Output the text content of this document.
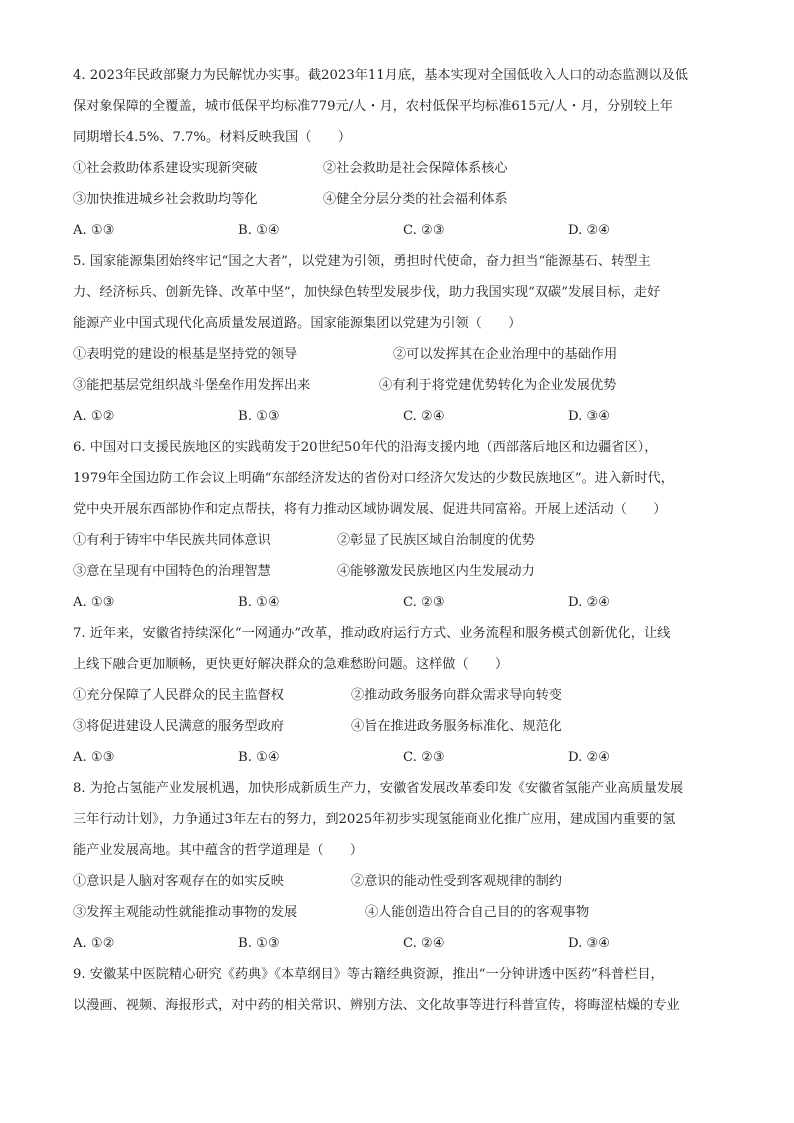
4. 2023年民政部聚力为民解忧办实事。截2023年11月底，基本实现对全国低收入人口的动态监测以及低
保对象保障的全覆盖，城市低保平均标准779元/人・月，农村低保平均标准615元/人・月，分别较上年
同期增长4.5%、7.7%。材料反映我国（　　）
①社会救助体系建设实现新突破	②社会救助是社会保障体系核心
③加快推进城乡社会救助均等化	④健全分层分类的社会福利体系
A. ①③	B. ①④	C. ②③	D. ②④
5. 国家能源集团始终牢记“国之大者”，以党建为引领，勇担时代使命，奋力担当“能源基石、转型主
力、经济标兵、创新先锋、改革中坚”，加快绿色转型发展步伐，助力我国实现“双碳”发展目标，走好
能源产业中国式现代化高质量发展道路。国家能源集团以党建为引领（　　）
①表明党的建设的根基是坚持党的领导	②可以发挥其在企业治理中的基础作用
③能把基层党组织战斗堡垒作用发挥出来	④有利于将党建优势转化为企业发展优势
A. ①②	B. ①③	C. ②④	D. ③④
6. 中国对口支援民族地区的实践萌发于20世纪50年代的沿海支援内地（西部落后地区和边疆省区），
1979年全国边防工作会议上明确“东部经济发达的省份对口经济欠发达的少数民族地区”。进入新时代，
党中央开展东西部协作和定点帮扶，将有力推动区域协调发展、促进共同富裕。开展上述活动（　　）
①有利于铸牢中华民族共同体意识	②彰显了民族区域自治制度的优势
③意在呈现有中国特色的治理智慧	④能够激发民族地区内生发展动力
A. ①③	B. ①④	C. ②③	D. ②④
7. 近年来，安徽省持续深化“一网通办”改革，推动政府运行方式、业务流程和服务模式创新优化，让线
上线下融合更加顺畅，更快更好解决群众的急难愁盼问题。这样做（　　）
①充分保障了人民群众的民主监督权	②推动政务服务向群众需求导向转变
③将促进建设人民满意的服务型政府	④旨在推进政务服务标准化、规范化
A. ①③	B. ①④	C. ②③	D. ②④
8. 为抢占氢能产业发展机遇，加快形成新质生产力，安徽省发展改革委印发《安徽省氢能产业高质量发展
三年行动计划》，力争通过3年左右的努力，到2025年初步实现氢能商业化推广应用，建成国内重要的氢
能产业发展高地。其中蕴含的哲学道理是（　　）
①意识是人脑对客观存在的如实反映	②意识的能动性受到客观规律的制约
③发挥主观能动性就能推动事物的发展	④人能创造出符合自己目的的客观事物
A. ①②	B. ①③	C. ②④	D. ③④
9. 安徽某中医院精心研究《药典》《本草纲目》等古籍经典资源，推出“一分钟讲透中医药”科普栏目，
以漫画、视频、海报形式，对中药的相关常识、辨别方法、文化故事等进行科普宣传，将晦涩枯燥的专业
